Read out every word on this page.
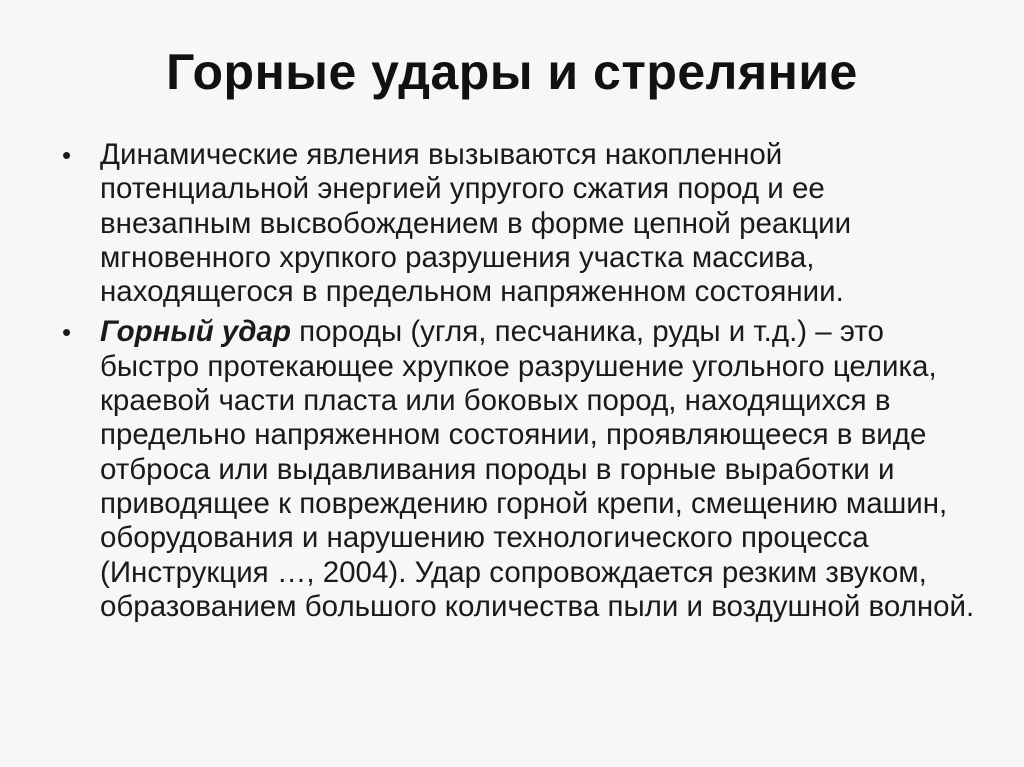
Горные удары и стреляние
• Динамические явления вызываются накопленной потенциальной энергией упругого сжатия пород и ее внезапным высвобождением в форме цепной реакции мгновенного хрупкого разрушения участка массива, находящегося в предельном напряженном состоянии.
• Горный удар породы (угля, песчаника, руды и т.д.) – это быстро протекающее хрупкое разрушение угольного целика, краевой части пласта или боковых пород, находящихся в предельно напряженном состоянии, проявляющееся в виде отброса или выдавливания породы в горные выработки и приводящее к повреждению горной крепи, смещению машин, оборудования и нарушению технологического процесса (Инструкция …, 2004). Удар сопровождается резким звуком, образованием большого количества пыли и воздушной волной.
